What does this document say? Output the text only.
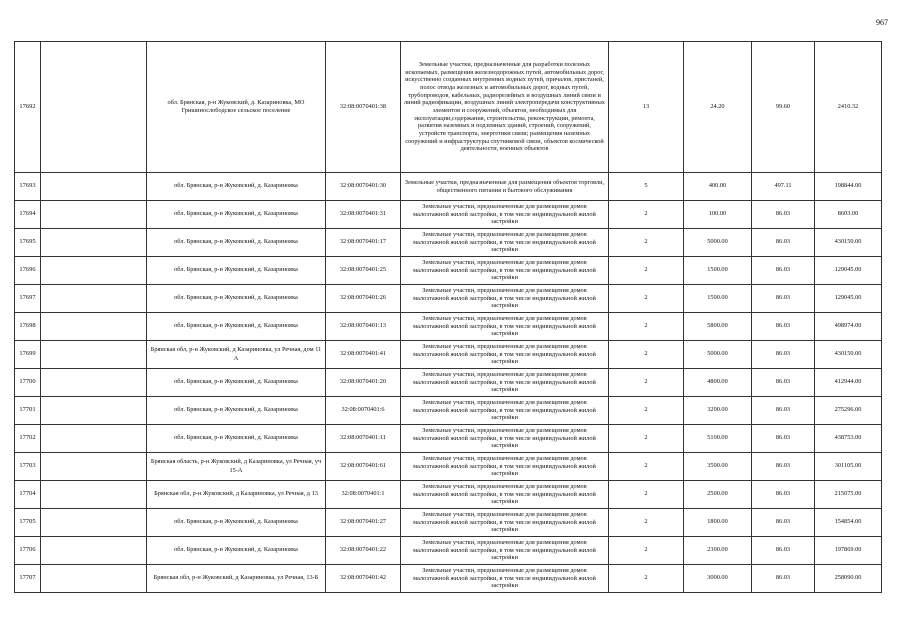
967
17692		обл. Брянская, р-н Жуковский, д. Казариновка, МО Гришинослободское сельское поселение	32:08:0070401:38	Земельные участки, предназначенные для разработки полезных ископаемых, размещения железнодорожных путей, автомобильных дорог, искусственно созданных внутренних водных путей, причалов, пристаней, полос отвода железных и автомобильных дорог, водных путей, трубопроводов, кабельных, радиорелейных и воздушных линий связи и линий радиофикации, воздушных линий электропередачи конструктивных элементов и сооружений, объектов, необходимых для эксплуатации,содержания, строительства, реконструкции, ремонта, развития наземных и подземных зданий, строений, сооружений, устройств транспорта, энергетики связи; размещения наземных сооружений и инфраструктуры спутниковой связи, объектов космической деятельности, военных объектов	13	24.20	99.60	2410.32
17693		обл. Брянская, р-н Жуковский, д. Казариновка	32:08:0070401:30	Земельные участки, предназначенные для размещения объектов торговли, общественного питания и бытового обслуживания	5	400.00	497.11	198844.00
17694		обл. Брянская, р-н Жуковский, д. Казариновка	32:08:0070401:31	Земельные участки, предназначенные для размещения домов малоэтажной жилой застройки, в том числе индивидуальной жилой застройки	2	100.00	86.03	8603.00
17695		обл. Брянская, р-н Жуковский, д. Казариновка	32:08:0070401:17	Земельные участки, предназначенные для размещения домов малоэтажной жилой застройки, в том числе индивидуальной жилой застройки	2	5000.00	86.03	430150.00
17696		обл. Брянская, р-н Жуковский, д. Казариновка	32:08:0070401:25	Земельные участки, предназначенные для размещения домов малоэтажной жилой застройки, в том числе индивидуальной жилой застройки	2	1500.00	86.03	129045.00
17697		обл. Брянская, р-н Жуковский, д. Казариновка	32:08:0070401:26	Земельные участки, предназначенные для размещения домов малоэтажной жилой застройки, в том числе индивидуальной жилой застройки	2	1500.00	86.03	129045.00
17698		обл. Брянская, р-н Жуковский, д. Казариновка	32:08:0070401:13	Земельные участки, предназначенные для размещения домов малоэтажной жилой застройки, в том числе индивидуальной жилой застройки	2	5800.00	86.03	498974.00
17699		Брянская обл, р-н Жуковский, д Казариновка, ул Речная, дом 11 А	32:08:0070401:41	Земельные участки, предназначенные для размещения домов малоэтажной жилой застройки, в том числе индивидуальной жилой застройки	2	5000.00	86.03	430150.00
17700		обл. Брянская, р-н Жуковский, д. Казариновка	32:08:0070401:20	Земельные участки, предназначенные для размещения домов малоэтажной жилой застройки, в том числе индивидуальной жилой застройки	2	4800.00	86.03	412944.00
17701		обл. Брянская, р-н Жуковский, д. Казариновка	32:08:0070401:6	Земельные участки, предназначенные для размещения домов малоэтажной жилой застройки, в том числе индивидуальной жилой застройки	2	3200.00	86.03	275296.00
17702		обл. Брянская, р-н Жуковский, д. Казариновка	32:08:0070401:11	Земельные участки, предназначенные для размещения домов малоэтажной жилой застройки, в том числе индивидуальной жилой застройки	2	5100.00	86.03	438753.00
17703		Брянская область, р-н Жуковский, д Казариновка, ул Речная, уч 15-А	32:08:0070401:61	Земельные участки, предназначенные для размещения домов малоэтажной жилой застройки, в том числе индивидуальной жилой застройки	2	3500.00	86.03	301105.00
17704		Брянская обл, р-н Жуковский, д Казариновка, ул Речная, д 13	32:08:0070401:1	Земельные участки, предназначенные для размещения домов малоэтажной жилой застройки, в том числе индивидуальной жилой застройки	2	2500.00	86.03	215075.00
17705		обл. Брянская, р-н Жуковский, д. Казариновка	32:08:0070401:27	Земельные участки, предназначенные для размещения домов малоэтажной жилой застройки, в том числе индивидуальной жилой застройки	2	1800.00	86.03	154854.00
17706		обл. Брянская, р-н Жуковский, д. Казариновка	32:08:0070401:22	Земельные участки, предназначенные для размещения домов малоэтажной жилой застройки, в том числе индивидуальной жилой застройки	2	2300.00	86.03	197869.00
17707		Брянская обл, р-н Жуковский, д Казариновка, ул Речная, 13-Б	32:08:0070401:42	Земельные участки, предназначенные для размещения домов малоэтажной жилой застройки, в том числе индивидуальной жилой застройки	2	3000.00	86.03	258090.00
